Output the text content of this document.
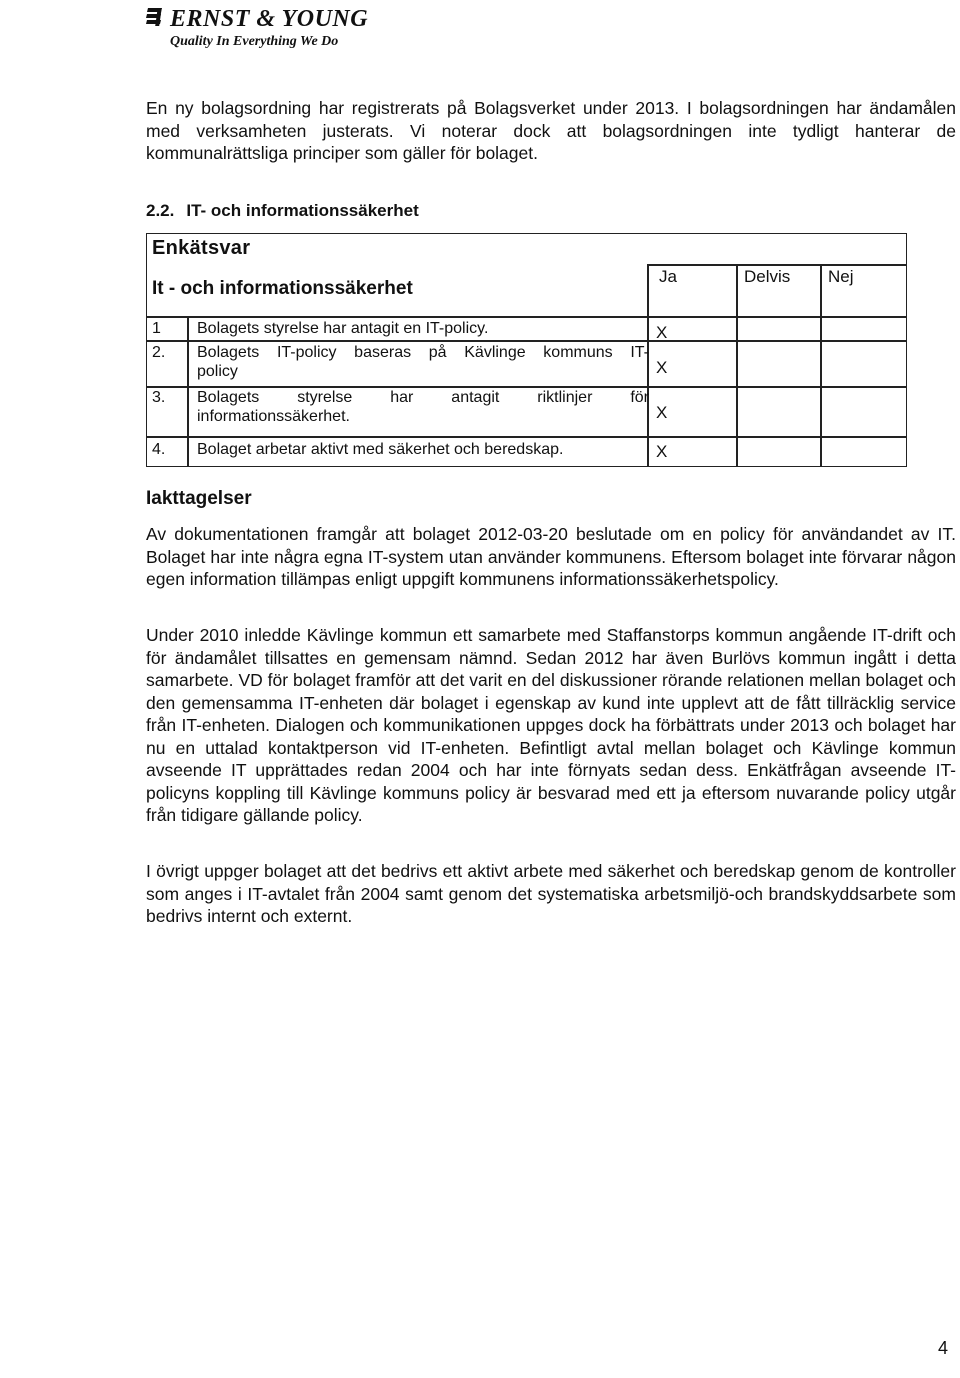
ERNST & YOUNG
Quality In Everything We Do

En ny bolagsordning har registrerats på Bolagsverket under 2013. I bolagsordningen har ändamålen med verksamheten justerats. Vi noterar dock att bolagsordningen inte tydligt hanterar de kommunalrättsliga principer som gäller för bolaget.

2.2. IT- och informationssäkerhet
Enkätsvar
It - och informationssäkerhet
Ja	Delvis Nej
1 Bolagets styrelse har antagit en IT-policy.	X
2. Bolagets IT-policy baseras på Kävlinge kommuns IT-
policy	X
3. Bolagets styrelse har antagit riktlinjer för
informationssäkerhet.	X
4. Bolaget arbetar aktivt med säkerhet och beredskap.	X
Iakttagelser

Av dokumentationen framgår att bolaget 2012-03-20 beslutade om en policy för användandet av IT. Bolaget har inte några egna IT-system utan använder kommunens. Eftersom bolaget inte förvarar någon egen information tillämpas enligt uppgift kommunens informationssäkerhetspolicy.

Under 2010 inledde Kävlinge kommun ett samarbete med Staffanstorps kommun angående IT-drift och för ändamålet tillsattes en gemensam nämnd. Sedan 2012 har även Burlövs kommun ingått i detta samarbete. VD för bolaget framför att det varit en del diskussioner rörande relationen mellan bolaget och den gemensamma IT-enheten där bolaget i egenskap av kund inte upplevt att de fått tillräcklig service från IT-enheten. Dialogen och kommunikationen uppges dock ha förbättrats under 2013 och bolaget har nu en uttalad kontaktperson vid IT-enheten. Befintligt avtal mellan bolaget och Kävlinge kommun avseende IT upprättades redan 2004 och har inte förnyats sedan dess. Enkätfrågan avseende IT-policyns koppling till Kävlinge kommuns policy är besvarad med ett ja eftersom nuvarande policy utgår från tidigare gällande policy.

I övrigt uppger bolaget att det bedrivs ett aktivt arbete med säkerhet och beredskap genom de kontroller som anges i IT-avtalet från 2004 samt genom det systematiska arbetsmiljö-och brandskyddsarbete som bedrivs internt och externt.

4
